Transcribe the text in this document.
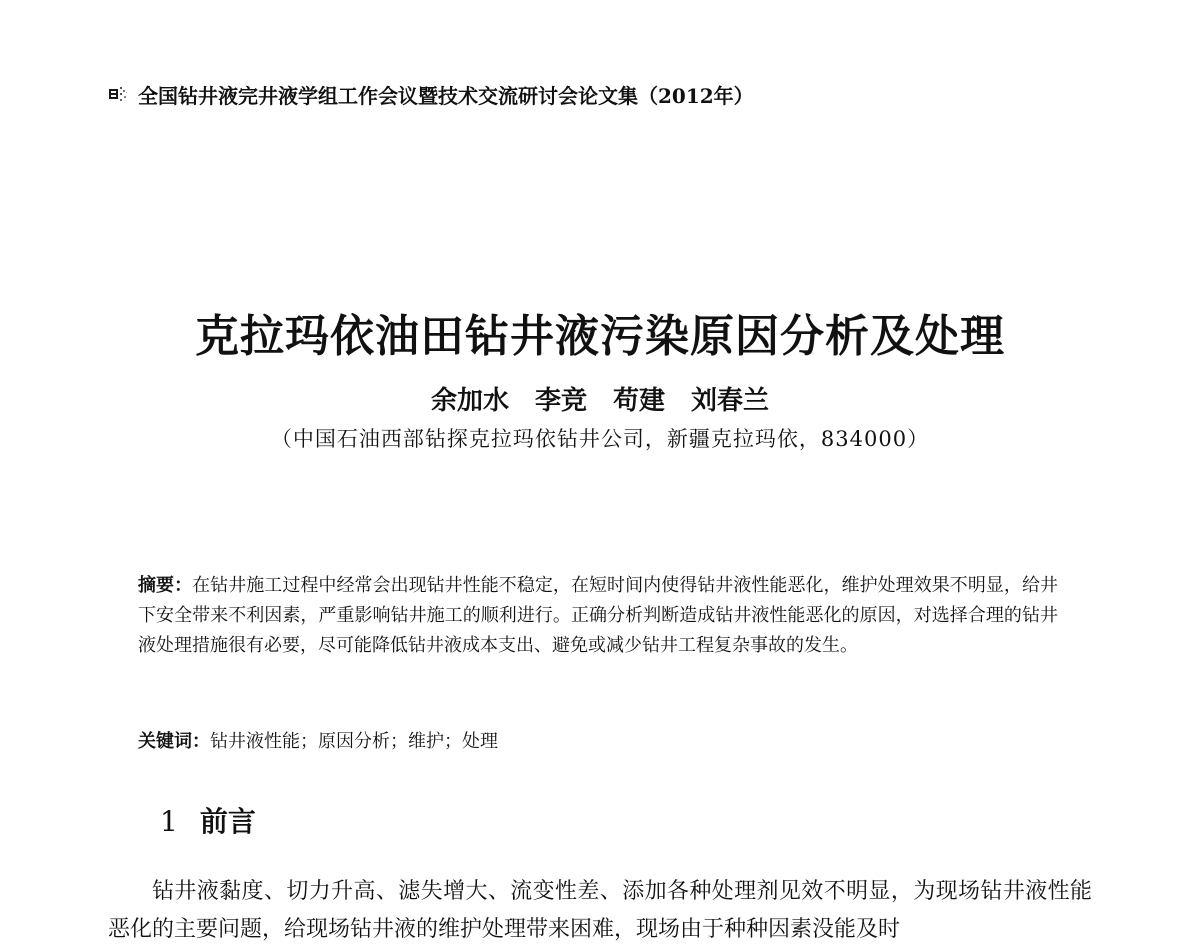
全国钻井液完井液学组工作会议暨技术交流研讨会论文集（2012年）
克拉玛依油田钻井液污染原因分析及处理
余加水　李竞　苟建　刘春兰
（中国石油西部钻探克拉玛依钻井公司，新疆克拉玛依，834000）
摘要：在钻井施工过程中经常会出现钻井性能不稳定，在短时间内使得钻井液性能恶化，维护处理效果不明显，给井下安全带来不利因素，严重影响钻井施工的顺利进行。正确分析判断造成钻井液性能恶化的原因，对选择合理的钻井液处理措施很有必要，尽可能降低钻井液成本支出、避免或减少钻井工程复杂事故的发生。
关键词：钻井液性能；原因分析；维护；处理
1 前言
钻井液黏度、切力升高、滤失增大、流变性差、添加各种处理剂见效不明显，为现场钻井液性能恶化的主要问题，给现场钻井液的维护处理带来困难，现场由于种种因素没能及时
